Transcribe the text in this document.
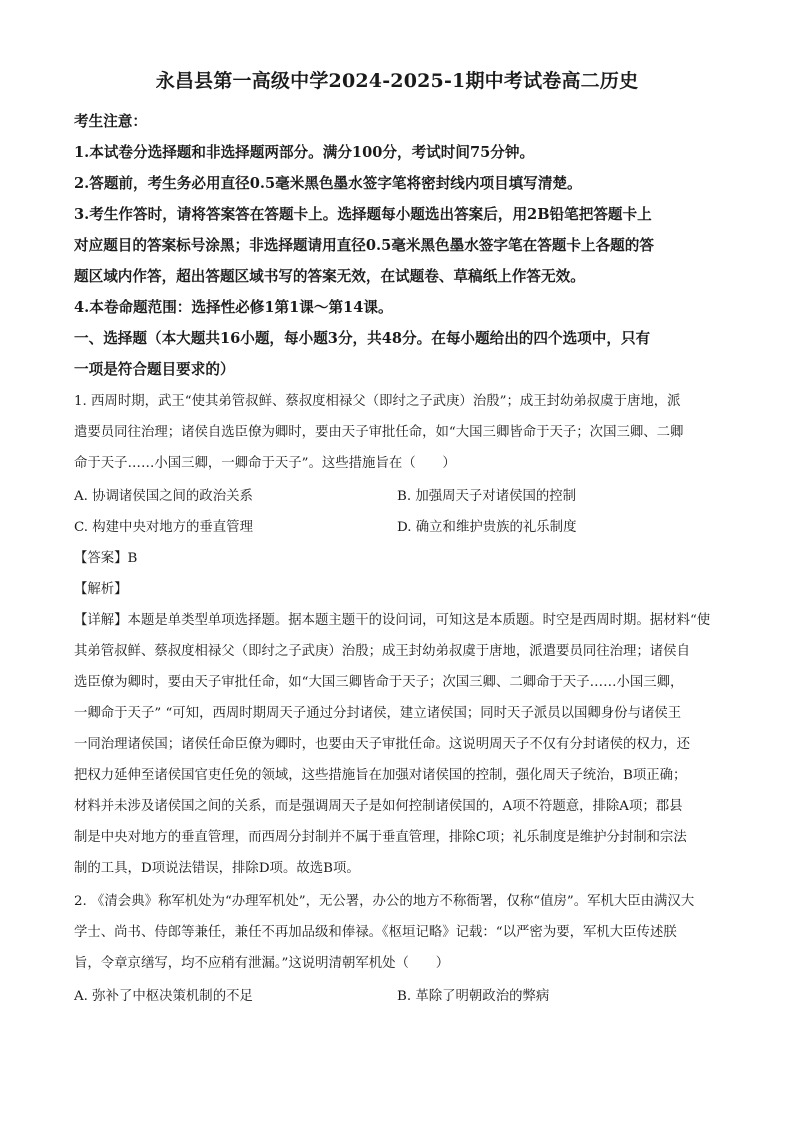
永昌县第一高级中学2024-2025-1期中考试卷高二历史
考生注意：
1.本试卷分选择题和非选择题两部分。满分100分，考试时间75分钟。
2.答题前，考生务必用直径0.5毫米黑色墨水签字笔将密封线内项目填写清楚。
3.考生作答时，请将答案答在答题卡上。选择题每小题选出答案后，用2B铅笔把答题卡上
对应题目的答案标号涂黑；非选择题请用直径0.5毫米黑色墨水签字笔在答题卡上各题的答
题区域内作答，超出答题区域书写的答案无效，在试题卷、草稿纸上作答无效。
4.本卷命题范围：选择性必修1第1课～第14课。
一、选择题（本大题共16小题，每小题3分，共48分。在每小题给出的四个选项中，只有
一项是符合题目要求的）
1. 西周时期，武王“使其弟管叔鲜、蔡叔度相禄父（即纣之子武庚）治殷”；成王封幼弟叔虞于唐地，派
遣要员同往治理；诸侯自选臣僚为卿时，要由天子审批任命，如“大国三卿皆命于天子；次国三卿、二卿
命于天子……小国三卿，一卿命于天子”。这些措施旨在（　　）
A. 协调诸侯国之间的政治关系	B. 加强周天子对诸侯国的控制
C. 构建中央对地方的垂直管理	D. 确立和维护贵族的礼乐制度
【答案】B
【解析】
【详解】本题是单类型单项选择题。据本题主题干的设问词，可知这是本质题。时空是西周时期。据材料“使
其弟管叔鲜、蔡叔度相禄父（即纣之子武庚）治殷；成王封幼弟叔虞于唐地，派遣要员同往治理；诸侯自
选臣僚为卿时，要由天子审批任命，如“大国三卿皆命于天子；次国三卿、二卿命于天子……小国三卿，
一卿命于天子” “可知，西周时期周天子通过分封诸侯，建立诸侯国；同时天子派员以国卿身份与诸侯王
一同治理诸侯国；诸侯任命臣僚为卿时，也要由天子审批任命。这说明周天子不仅有分封诸侯的权力，还
把权力延伸至诸侯国官吏任免的领域，这些措施旨在加强对诸侯国的控制，强化周天子统治，B项正确；
材料并未涉及诸侯国之间的关系，而是强调周天子是如何控制诸侯国的，A项不符题意，排除A项；郡县
制是中央对地方的垂直管理，而西周分封制并不属于垂直管理，排除C项；礼乐制度是维护分封制和宗法
制的工具，D项说法错误，排除D项。故选B项。
2. 《清会典》称军机处为“办理军机处”，无公署，办公的地方不称衙署，仅称“值房”。军机大臣由满汉大
学士、尚书、侍郎等兼任，兼任不再加品级和俸禄。《枢垣记略》记载：“以严密为要，军机大臣传述朕
旨，令章京缮写，均不应稍有泄漏。”这说明清朝军机处（　　）
A. 弥补了中枢决策机制的不足	B. 革除了明朝政治的弊病
